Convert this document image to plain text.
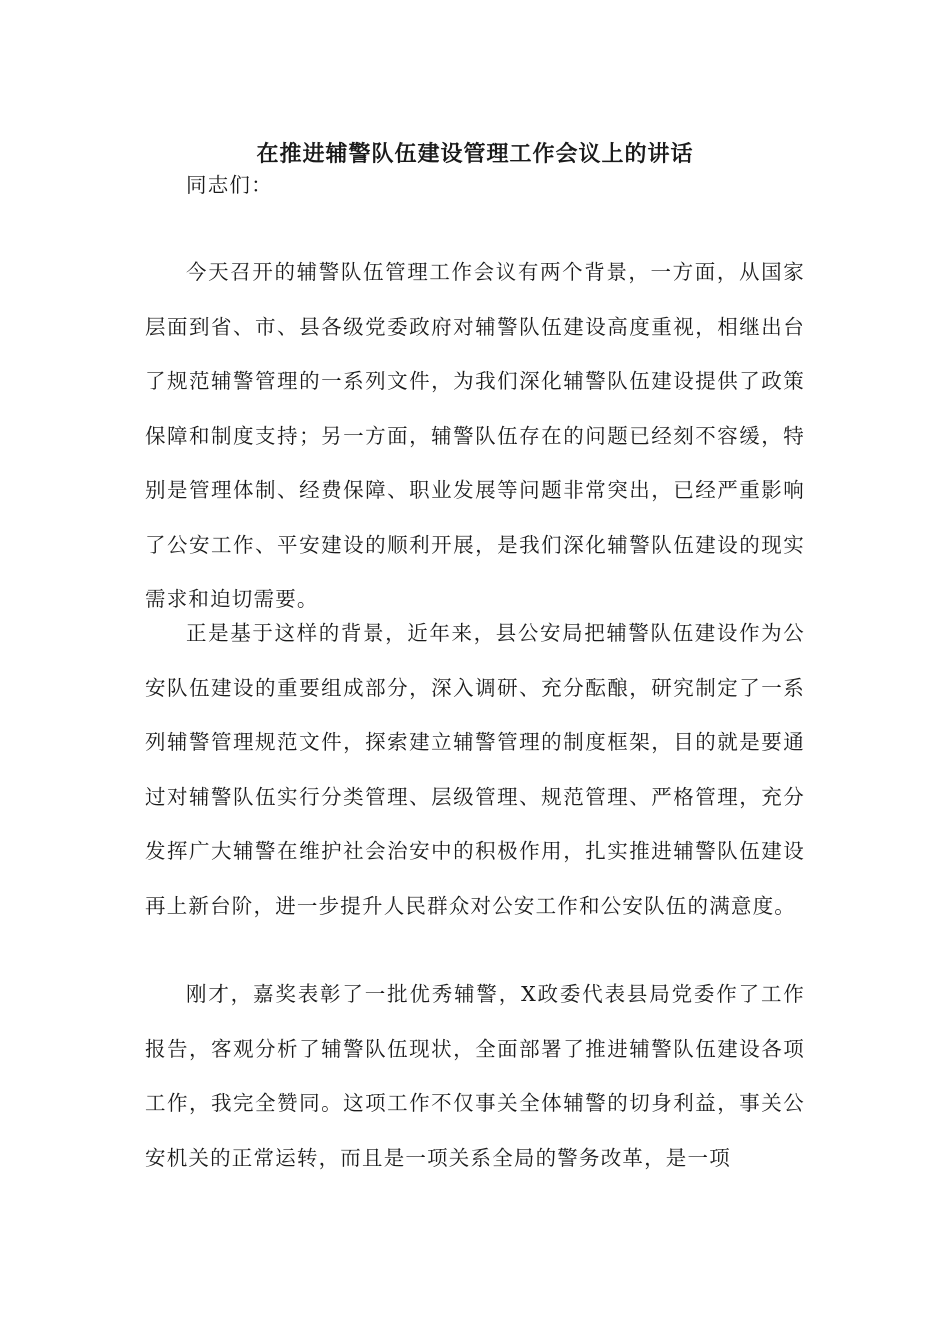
在推进辅警队伍建设管理工作会议上的讲话

同志们：

今天召开的辅警队伍管理工作会议有两个背景，一方面，从国家层面到省、市、县各级党委政府对辅警队伍建设高度重视，相继出台了规范辅警管理的一系列文件，为我们深化辅警队伍建设提供了政策保障和制度支持；另一方面，辅警队伍存在的问题已经刻不容缓，特别是管理体制、经费保障、职业发展等问题非常突出，已经严重影响了公安工作、平安建设的顺利开展，是我们深化辅警队伍建设的现实需求和迫切需要。

正是基于这样的背景，近年来，县公安局把辅警队伍建设作为公安队伍建设的重要组成部分，深入调研、充分酝酿，研究制定了一系列辅警管理规范文件，探索建立辅警管理的制度框架，目的就是要通过对辅警队伍实行分类管理、层级管理、规范管理、严格管理，充分发挥广大辅警在维护社会治安中的积极作用，扎实推进辅警队伍建设再上新台阶，进一步提升人民群众对公安工作和公安队伍的满意度。

刚才，嘉奖表彰了一批优秀辅警，X政委代表县局党委作了工作报告，客观分析了辅警队伍现状，全面部署了推进辅警队伍建设各项工作，我完全赞同。这项工作不仅事关全体辅警的切身利益，事关公安机关的正常运转，而且是一项关系全局的警务改革，是一项
